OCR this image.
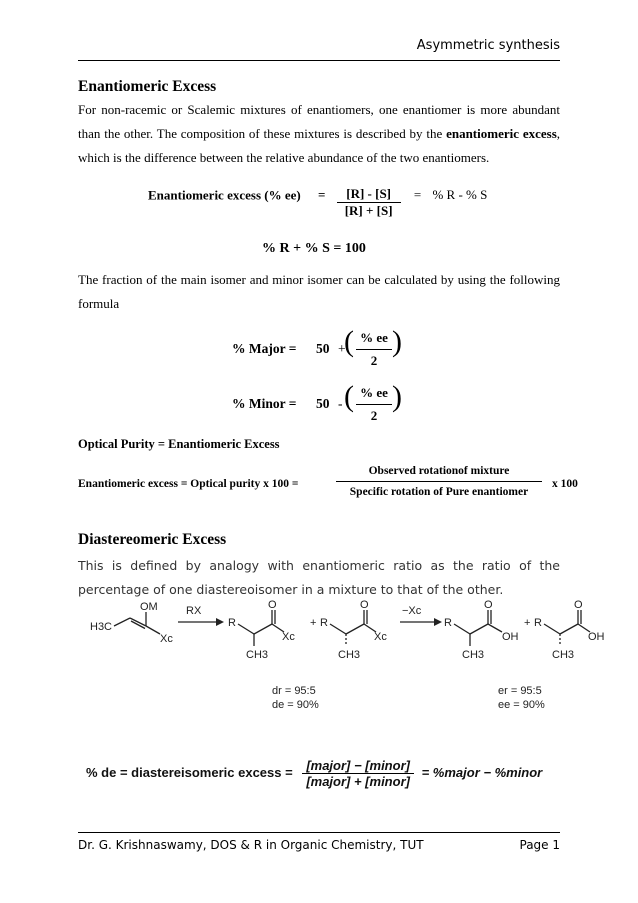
Asymmetric synthesis
Enantiomeric Excess
For non-racemic or Scalemic mixtures of enantiomers, one enantiomer is more abundant than the other. The composition of these mixtures is described by the enantiomeric excess, which is the difference between the relative abundance of the two enantiomers.
Enantiomeric excess (% $ee) = \frac{[R] - [S]}{[R] + [S]}$ = % R - % S
% R + % S = 100
The fraction of the main isomer and minor isomer can be calculated by using the following formula
% Major = 50 +
( % ee
2
)
% Minor = 50 - ( % ee
2
)
Optical Purity = Enantiomeric Excess
Enantiomeric excess = Optical purity x 100 =
Observed rotationof mixture
Specific rotation of Pure enantiomer
x 100
Diastereomeric Excess
This is defined by analogy with enantiomeric ratio as the ratio of the percentage of one diastereoisomer in a mixture to that of the other.
OM
H3C
Xc
RX
R
O
Xc
CH3
+ R
O
Xc
CH3
−Xc
R
O
OH
CH3
+ R
O
OH
CH3
dr = 95:5
de = 90%
er = 95:5
ee = 90%
% de = diastereisomeric excess = $\frac{\text{[major] − [minor]}}{\text{[major] + [minor]}}$ = %major − %minor
Dr. G. Krishnaswamy, DOS & R in Organic Chemistry, TUT	Page 1
